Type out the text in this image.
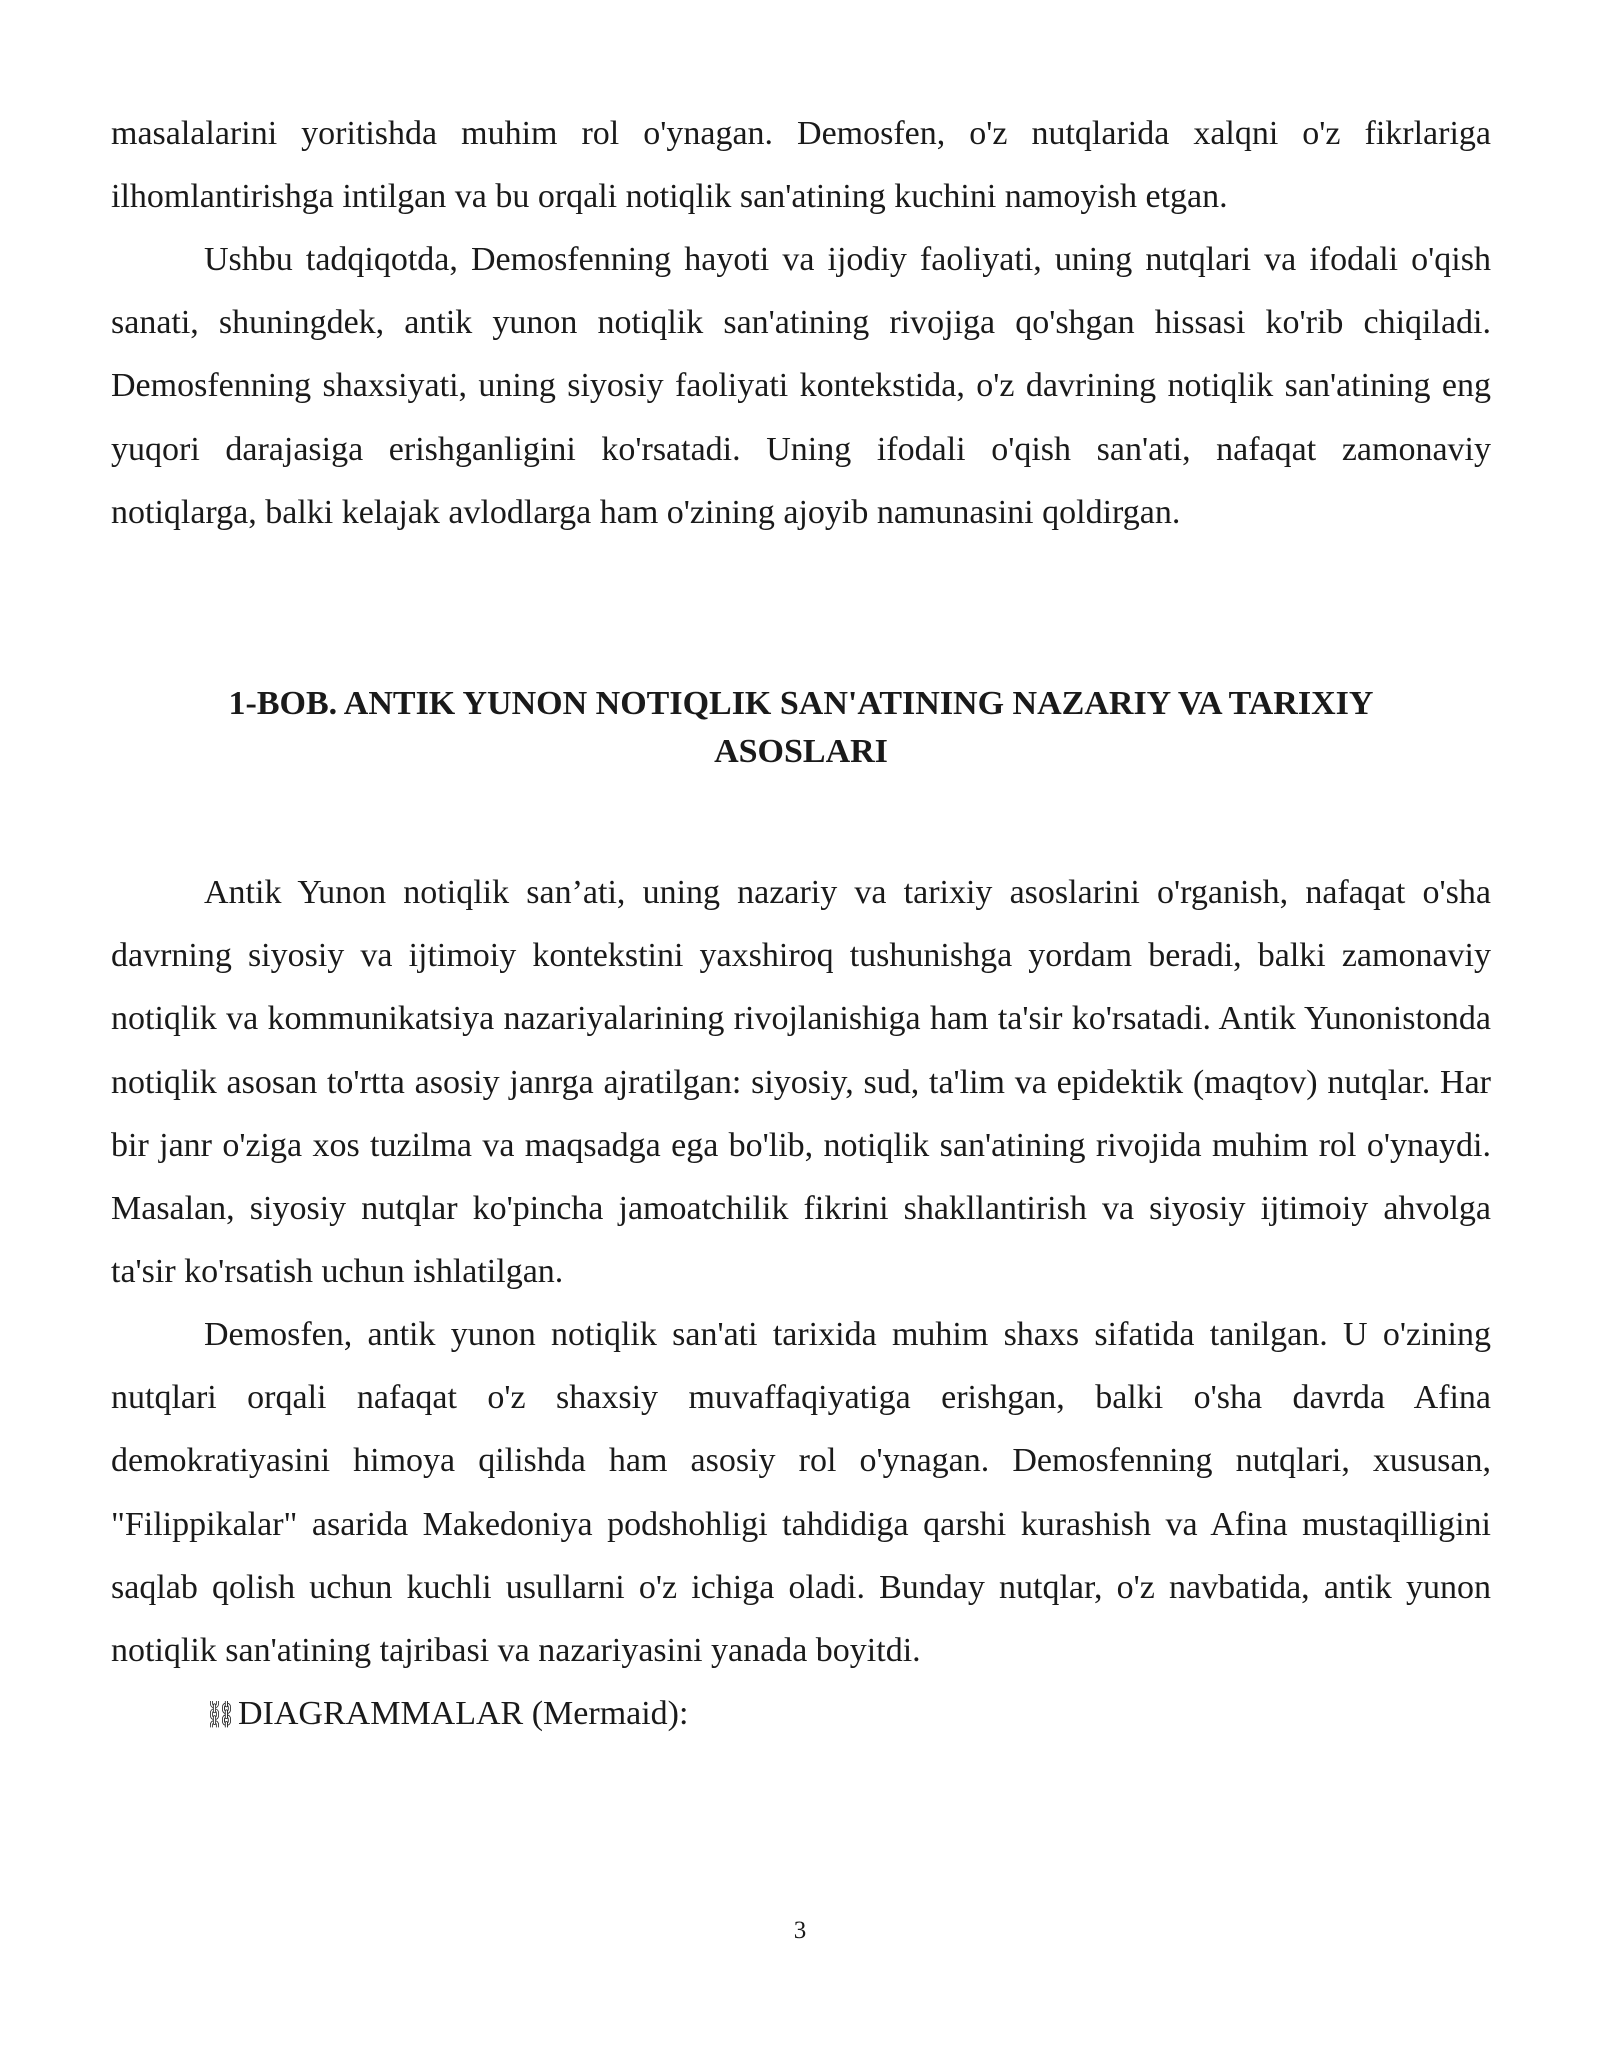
masalalarini yoritishda muhim rol o'ynagan. Demosfen, o'z nutqlarida xalqni o'z fikrlariga ilhomlantirishga intilgan va bu orqali notiqlik san'atining kuchini namoyish etgan.

Ushbu tadqiqotda, Demosfenning hayoti va ijodiy faoliyati, uning nutqlari va ifodali o'qish sanati, shuningdek, antik yunon notiqlik san'atining rivojiga qo'shgan hissasi ko'rib chiqiladi. Demosfenning shaxsiyati, uning siyosiy faoliyati kontekstida, o'z davrining notiqlik san'atining eng yuqori darajasiga erishganligini ko'rsatadi. Uning ifodali o'qish san'ati, nafaqat zamonaviy notiqlarga, balki kelajak avlodlarga ham o'zining ajoyib namunasini qoldirgan.

1-BOB. ANTIK YUNON NOTIQLIK SAN'ATINING NAZARIY VA TARIXIY
ASOSLARI

Antik Yunon notiqlik san’ati, uning nazariy va tarixiy asoslarini o'rganish, nafaqat o'sha davrning siyosiy va ijtimoiy kontekstini yaxshiroq tushunishga yordam beradi, balki zamonaviy notiqlik va kommunikatsiya nazariyalarining rivojlanishiga ham ta'sir ko'rsatadi. Antik Yunonistonda notiqlik asosan to'rtta asosiy janrga ajratilgan: siyosiy, sud, ta'lim va epidektik (maqtov) nutqlar. Har bir janr o'ziga xos tuzilma va maqsadga ega bo'lib, notiqlik san'atining rivojida muhim rol o'ynaydi. Masalan, siyosiy nutqlar ko'pincha jamoatchilik fikrini shakllantirish va siyosiy ijtimoiy ahvolga ta'sir ko'rsatish uchun ishlatilgan.

Demosfen, antik yunon notiqlik san'ati tarixida muhim shaxs sifatida tanilgan. U o'zining nutqlari orqali nafaqat o'z shaxsiy muvaffaqiyatiga erishgan, balki o'sha davrda Afina demokratiyasini himoya qilishda ham asosiy rol o'ynagan. Demosfenning nutqlari, xususan, "Filippikalar" asarida Makedoniya podshohligi tahdidiga qarshi kurashish va Afina mustaqilligini saqlab qolish uchun kuchli usullarni o'z ichiga oladi. Bunday nutqlar, o'z navbatida, antik yunon notiqlik san'atining tajribasi va nazariyasini yanada boyitdi.

⛓DIAGRAMMALAR (Mermaid):

3
